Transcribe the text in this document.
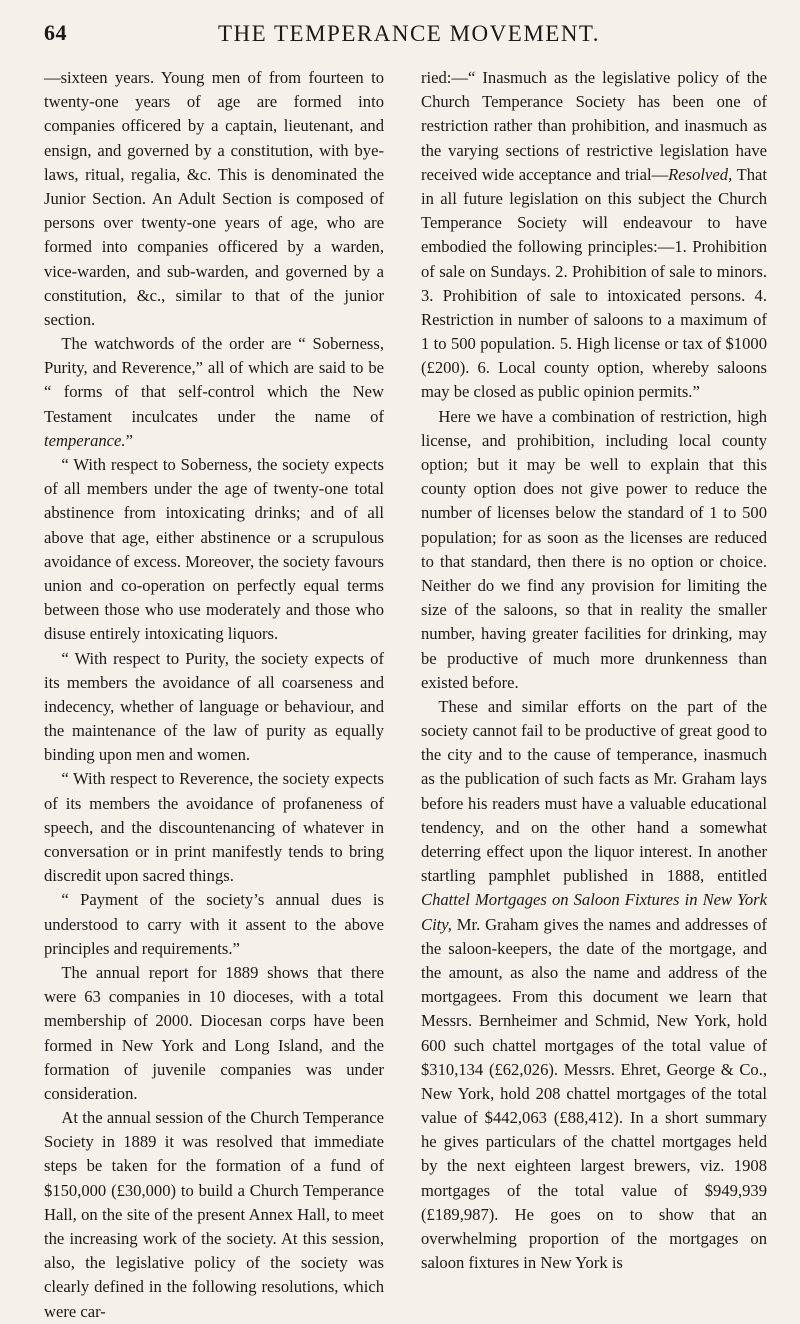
64	THE TEMPERANCE MOVEMENT.

—sixteen years. Young men of from fourteen to twenty-one years of age are formed into companies officered by a captain, lieutenant, and ensign, and governed by a constitution, with bye-laws, ritual, regalia, &c. This is denominated the Junior Section. An Adult Section is composed of persons over twenty-one years of age, who are formed into companies officered by a warden, vice-warden, and sub-warden, and governed by a constitution, &c., similar to that of the junior section.

The watchwords of the order are “ Soberness, Purity, and Reverence,” all of which are said to be “ forms of that self-control which the New Testament inculcates under the name of temperance.”

“ With respect to Soberness, the society expects of all members under the age of twenty-one total abstinence from intoxicating drinks; and of all above that age, either abstinence or a scrupulous avoidance of excess. Moreover, the society favours union and co-operation on perfectly equal terms between those who use moderately and those who disuse entirely intoxicating liquors.

“ With respect to Purity, the society expects of its members the avoidance of all coarseness and indecency, whether of language or behaviour, and the maintenance of the law of purity as equally binding upon men and women.

“ With respect to Reverence, the society expects of its members the avoidance of profaneness of speech, and the discountenancing of whatever in conversation or in print manifestly tends to bring discredit upon sacred things.

“ Payment of the society’s annual dues is understood to carry with it assent to the above principles and requirements.”

The annual report for 1889 shows that there were 63 companies in 10 dioceses, with a total membership of 2000. Diocesan corps have been formed in New York and Long Island, and the formation of juvenile companies was under consideration.

At the annual session of the Church Temperance Society in 1889 it was resolved that immediate steps be taken for the formation of a fund of $150,000 (£30,000) to build a Church Temperance Hall, on the site of the present Annex Hall, to meet the increasing work of the society. At this session, also, the legislative policy of the society was clearly defined in the following resolutions, which were car-

ried:—“ Inasmuch as the legislative policy of the Church Temperance Society has been one of restriction rather than prohibition, and inasmuch as the varying sections of restrictive legislation have received wide acceptance and trial—Resolved, That in all future legislation on this subject the Church Temperance Society will endeavour to have embodied the following principles:—1. Prohibition of sale on Sundays. 2. Prohibition of sale to minors. 3. Prohibition of sale to intoxicated persons. 4. Restriction in number of saloons to a maximum of 1 to 500 population. 5. High license or tax of $1000 (£200). 6. Local county option, whereby saloons may be closed as public opinion permits.”

Here we have a combination of restriction, high license, and prohibition, including local county option; but it may be well to explain that this county option does not give power to reduce the number of licenses below the standard of 1 to 500 population; for as soon as the licenses are reduced to that standard, then there is no option or choice. Neither do we find any provision for limiting the size of the saloons, so that in reality the smaller number, having greater facilities for drinking, may be productive of much more drunkenness than existed before.

These and similar efforts on the part of the society cannot fail to be productive of great good to the city and to the cause of temperance, inasmuch as the publication of such facts as Mr. Graham lays before his readers must have a valuable educational tendency, and on the other hand a somewhat deterring effect upon the liquor interest. In another startling pamphlet published in 1888, entitled Chattel Mortgages on Saloon Fixtures in New York City, Mr. Graham gives the names and addresses of the saloon-keepers, the date of the mortgage, and the amount, as also the name and address of the mortgagees. From this document we learn that Messrs. Bernheimer and Schmid, New York, hold 600 such chattel mortgages of the total value of $310,134 (£62,026). Messrs. Ehret, George & Co., New York, hold 208 chattel mortgages of the total value of $442,063 (£88,412). In a short summary he gives particulars of the chattel mortgages held by the next eighteen largest brewers, viz. 1908 mortgages of the total value of $949,939 (£189,987). He goes on to show that an overwhelming proportion of the mortgages on saloon fixtures in New York is
